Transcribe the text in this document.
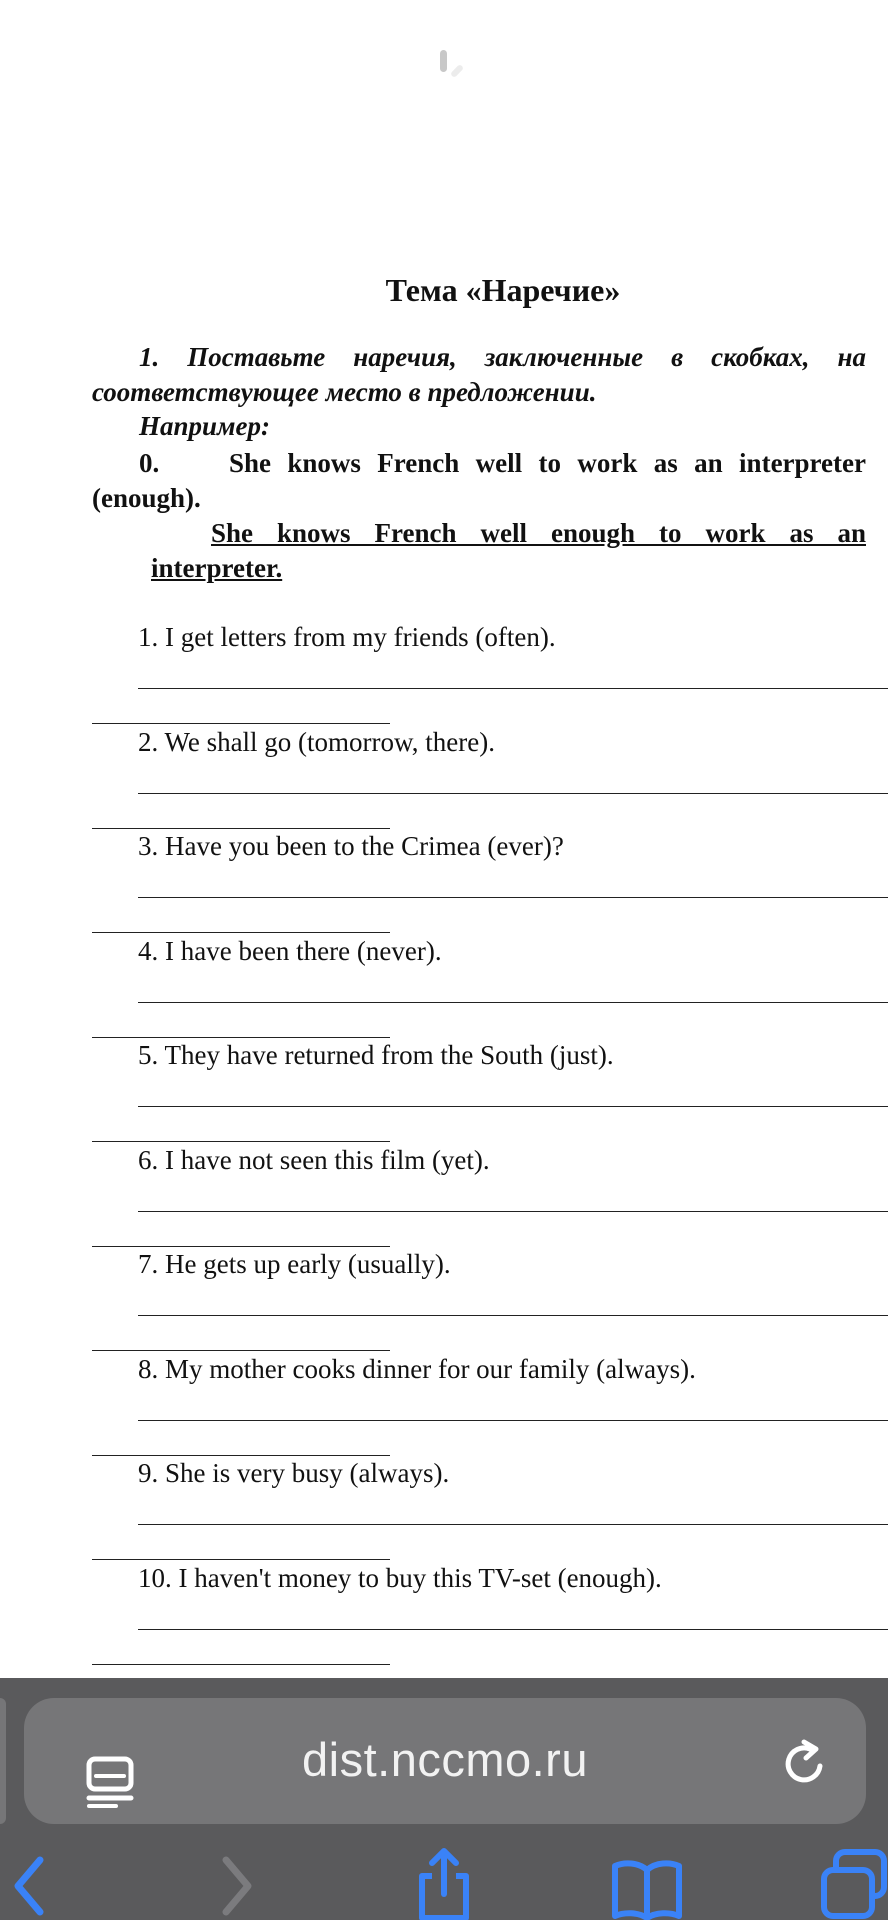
Тема «Наречие»
1. Поставьте наречия, заключенные в скобках, на соответствующее место в предложении.
Например:
0.	She knows French well to work as an interpreter (enough).
She knows French well enough to work as an interpreter.
1. I get letters from my friends (often).
2. We shall go (tomorrow, there).
3. Have you been to the Crimea (ever)?
4. I have been there (never).
5. They have returned from the South (just).
6. I have not seen this film (yet).
7. He gets up early (usually).
8. My mother cooks dinner for our family (always).
9. She is very busy (always).
10. I haven't money to buy this TV-set (enough).
dist.nccmo.ru
